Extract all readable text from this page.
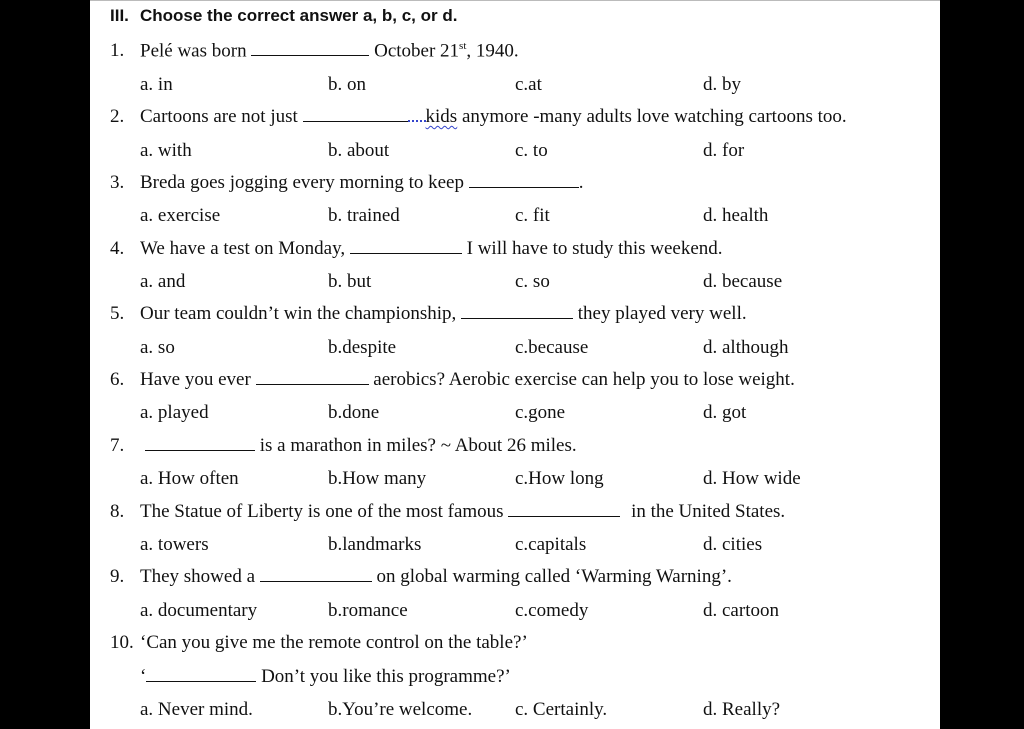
III. Choose the correct answer a, b, c, or d.
1. Pelé was born	October 21st, 1940.
a. in	b. on	c.at	d. by
2. Cartoons are not just	kids anymore -many adults love watching cartoons too.
a. with	b. about	c. to	d. for
3. Breda goes jogging every morning to keep	.
a. exercise	b. trained	c. fit	d. health
4. We have a test on Monday,	I will have to study this weekend.
a. and	b. but	c. so	d. because
5. Our team couldn’t win the championship,	they played very well.
a. so	b.despite	c.because	d. although
6. Have you ever	aerobics? Aerobic exercise can help you to lose weight.
a. played	b.done	c.gone	d. got
7.	is a marathon in miles? ~ About 26 miles.
a. How often	b.How many	c.How long	d. How wide
8. The Statue of Liberty is one of the most famous	in the United States.
a. towers	b.landmarks	c.capitals	d. cities
9. They showed a	on global warming called ‘Warming Warning’.
a. documentary	b.romance	c.comedy	d. cartoon
10. ‘Can you give me the remote control on the table?’
‘	Don’t you like this programme?’
a. Never mind.	b.You’re welcome. c. Certainly.	d. Really?
